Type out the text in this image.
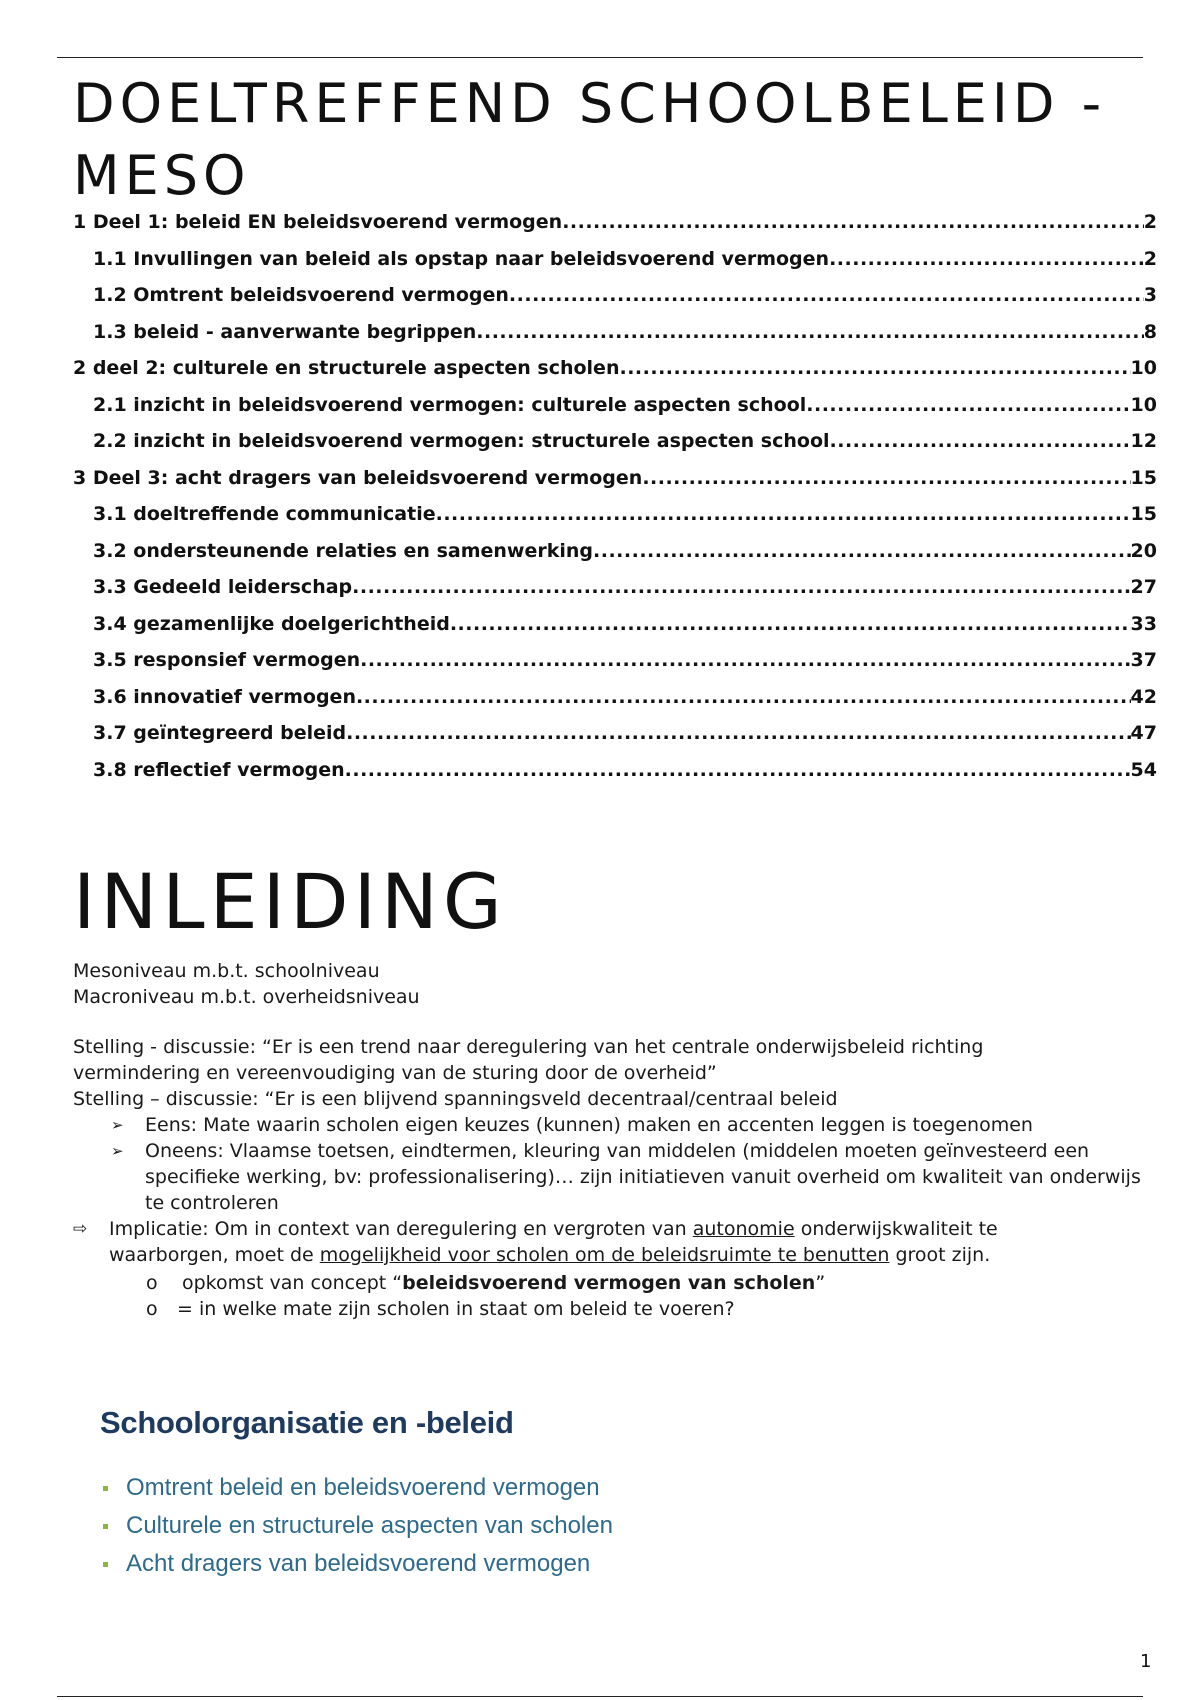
DOELTREFFEND SCHOOLBELEID - MESO
1 Deel 1: beleid EN beleidsvoerend vermogen .....	2
1.1 Invullingen van beleid als opstap naar beleidsvoerend vermogen .....	2
1.2 Omtrent beleidsvoerend vermogen .....	3
1.3 beleid - aanverwante begrippen .....	8
2 deel 2: culturele en structurele aspecten scholen .....	10
2.1 inzicht in beleidsvoerend vermogen: culturele aspecten school .....	10
2.2 inzicht in beleidsvoerend vermogen: structurele aspecten school .....	12
3 Deel 3: acht dragers van beleidsvoerend vermogen .....	15
3.1 doeltreffende communicatie .....	15
3.2 ondersteunende relaties en samenwerking .....	20
3.3 Gedeeld leiderschap .....	27
3.4 gezamenlijke doelgerichtheid .....	33
3.5 responsief vermogen .....	37
3.6 innovatief vermogen .....	42
3.7 geïntegreerd beleid .....	47
3.8 reflectief vermogen .....	54
INLEIDING
Mesoniveau m.b.t. schoolniveau
Macroniveau m.b.t. overheidsniveau
Stelling - discussie: “Er is een trend naar deregulering van het centrale onderwijsbeleid richting
vermindering en vereenvoudiging van de sturing door de overheid”
Stelling – discussie: “Er is een blijvend spanningsveld decentraal/centraal beleid
➢ Eens: Mate waarin scholen eigen keuzes (kunnen) maken en accenten leggen is toegenomen
➢ Oneens: Vlaamse toetsen, eindtermen, kleuring van middelen (middelen moeten geïnvesteerd een specifieke werking, bv: professionalisering)… zijn initiatieven vanuit overheid om kwaliteit van onderwijs te controleren
⇨ Implicatie: Om in context van deregulering en vergroten van autonomie onderwijskwaliteit te
waarborgen, moet de mogelijkheid voor scholen om de beleidsruimte te benutten groot zijn.
o opkomst van concept “beleidsvoerend vermogen van scholen”
o = in welke mate zijn scholen in staat om beleid te voeren?
Schoolorganisatie en -beleid
Omtrent beleid en beleidsvoerend vermogen
Culturele en structurele aspecten van scholen
Acht dragers van beleidsvoerend vermogen
1
